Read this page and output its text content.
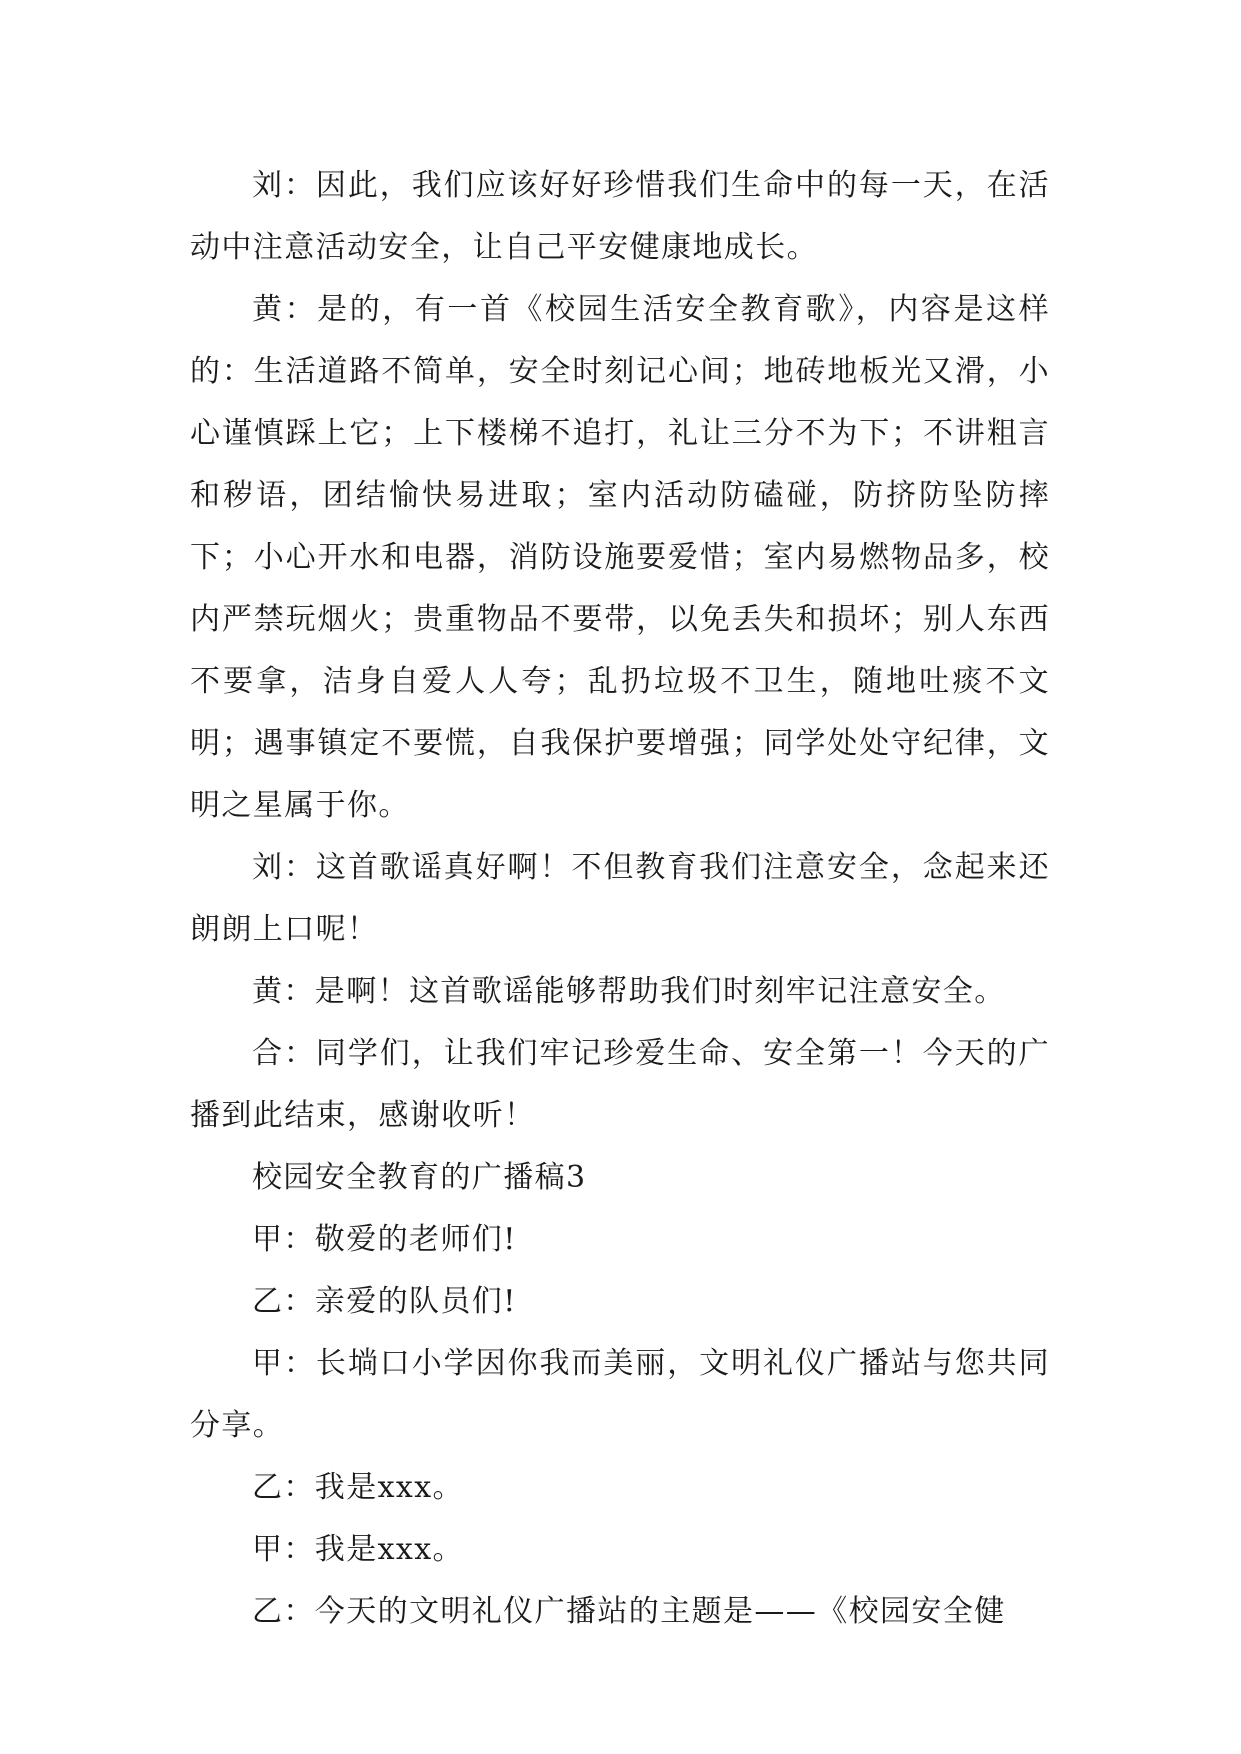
刘：因此，我们应该好好珍惜我们生命中的每一天，在活动中注意活动安全，让自己平安健康地成长。

黄：是的，有一首《校园生活安全教育歌》，内容是这样的：生活道路不简单，安全时刻记心间；地砖地板光又滑，小心谨慎踩上它；上下楼梯不追打，礼让三分不为下；不讲粗言和秽语，团结愉快易进取；室内活动防磕碰，防挤防坠防摔下；小心开水和电器，消防设施要爱惜；室内易燃物品多，校内严禁玩烟火；贵重物品不要带，以免丢失和损坏；别人东西不要拿，洁身自爱人人夸；乱扔垃圾不卫生，随地吐痰不文明；遇事镇定不要慌，自我保护要增强；同学处处守纪律，文明之星属于你。

刘：这首歌谣真好啊！不但教育我们注意安全，念起来还朗朗上口呢！

黄：是啊！这首歌谣能够帮助我们时刻牢记注意安全。

合：同学们，让我们牢记珍爱生命、安全第一！今天的广播到此结束，感谢收听！

校园安全教育的广播稿3

甲：敬爱的老师们!

乙：亲爱的队员们!

甲：长埫口小学因你我而美丽，文明礼仪广播站与您共同分享。

乙：我是xxx。

甲：我是xxx。

乙：今天的文明礼仪广播站的主题是——《校园安全健
